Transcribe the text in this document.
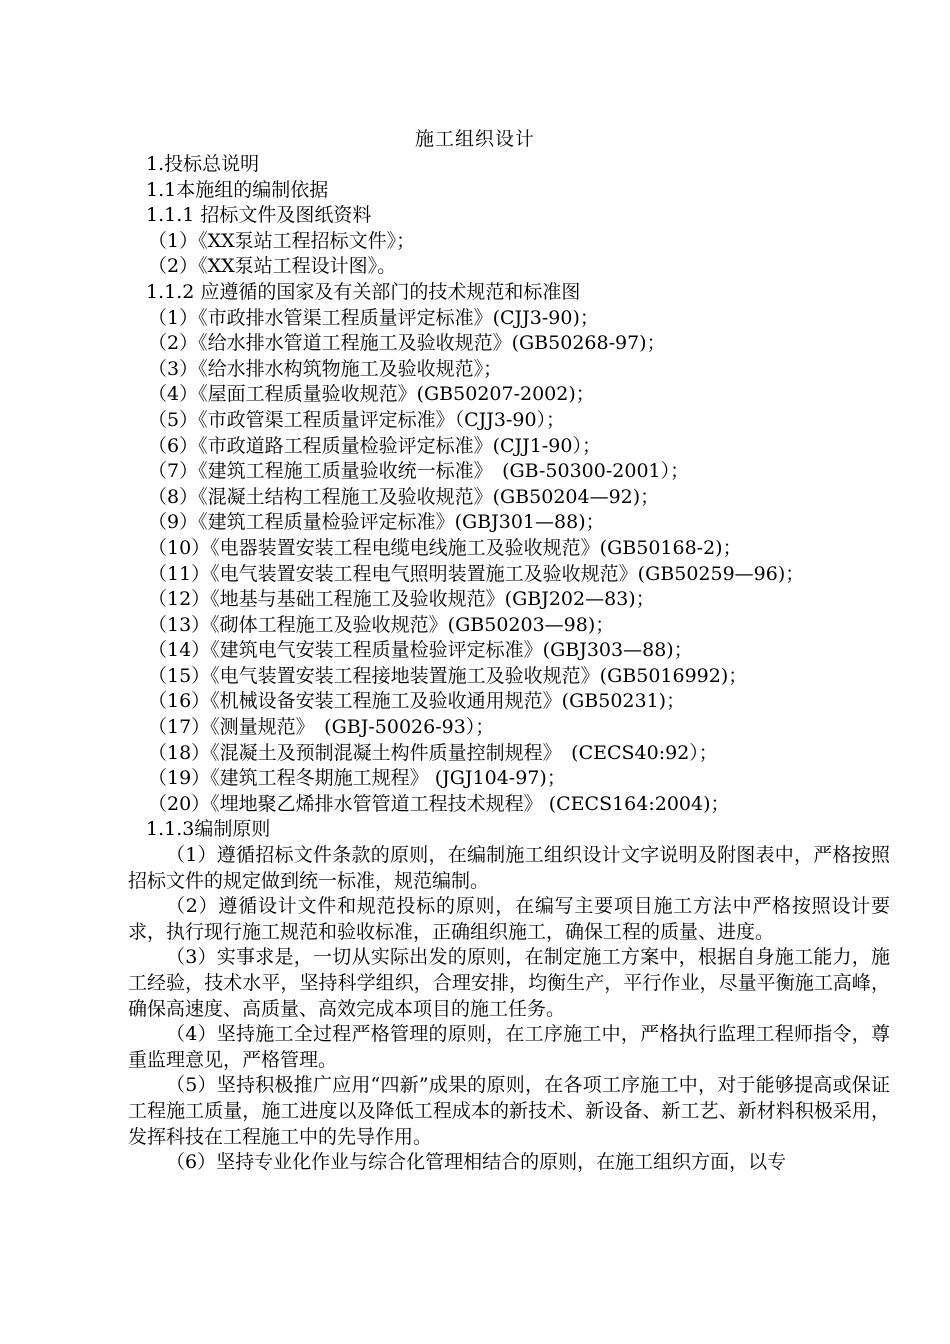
施工组织设计
1.投标总说明
1.1本施组的编制依据
1.1.1 招标文件及图纸资料
（1）《XX泵站工程招标文件》；
（2）《XX泵站工程设计图》。
1.1.2 应遵循的国家及有关部门的技术规范和标准图
（1）《市政排水管渠工程质量评定标准》(CJJ3-90)；
（2）《给水排水管道工程施工及验收规范》(GB50268-97)；
（3）《给水排水构筑物施工及验收规范》；
（4）《屋面工程质量验收规范》(GB50207-2002)；
（5）《市政管渠工程质量评定标准》（CJJ3-90）；
（6）《市政道路工程质量检验评定标准》(CJJ1-90）；
（7）《建筑工程施工质量验收统一标准》　(GB-50300-2001）；
（8）《混凝土结构工程施工及验收规范》(GB50204—92)；
（9）《建筑工程质量检验评定标准》(GBJ301—88)；
（10）《电器装置安装工程电缆电线施工及验收规范》(GB50168-2)；
（11）《电气装置安装工程电气照明装置施工及验收规范》(GB50259—96)；
（12）《地基与基础工程施工及验收规范》(GBJ202—83)；
（13）《砌体工程施工及验收规范》(GB50203—98)；
（14）《建筑电气安装工程质量检验评定标准》(GBJ303—88)；
（15）《电气装置安装工程接地装置施工及验收规范》(GB5016992)；
（16）《机械设备安装工程施工及验收通用规范》(GB50231)；
（17）《测量规范》　(GBJ-50026-93）；
（18）《混凝土及预制混凝土构件质量控制规程》　(CECS40:92）；
（19）《建筑工程冬期施工规程》 (JGJ104-97)；
（20）《埋地聚乙烯排水管管道工程技术规程》 (CECS164:2004)；
1.1.3编制原则

（1）遵循招标文件条款的原则，在编制施工组织设计文字说明及附图表中，严格按照招标文件的规定做到统一标准，规范编制。

（2）遵循设计文件和规范投标的原则，在编写主要项目施工方法中严格按照设计要求，执行现行施工规范和验收标准，正确组织施工，确保工程的质量、进度。

（3）实事求是，一切从实际出发的原则，在制定施工方案中，根据自身施工能力，施工经验，技术水平，坚持科学组织，合理安排，均衡生产，平行作业，尽量平衡施工高峰，确保高速度、高质量、高效完成本项目的施工任务。

（4）坚持施工全过程严格管理的原则，在工序施工中，严格执行监理工程师指令，尊重监理意见，严格管理。

（5）坚持积极推广应用“四新”成果的原则，在各项工序施工中，对于能够提高或保证工程施工质量，施工进度以及降低工程成本的新技术、新设备、新工艺、新材料积极采用，发挥科技在工程施工中的先导作用。

（6）坚持专业化作业与综合化管理相结合的原则，在施工组织方面，以专
